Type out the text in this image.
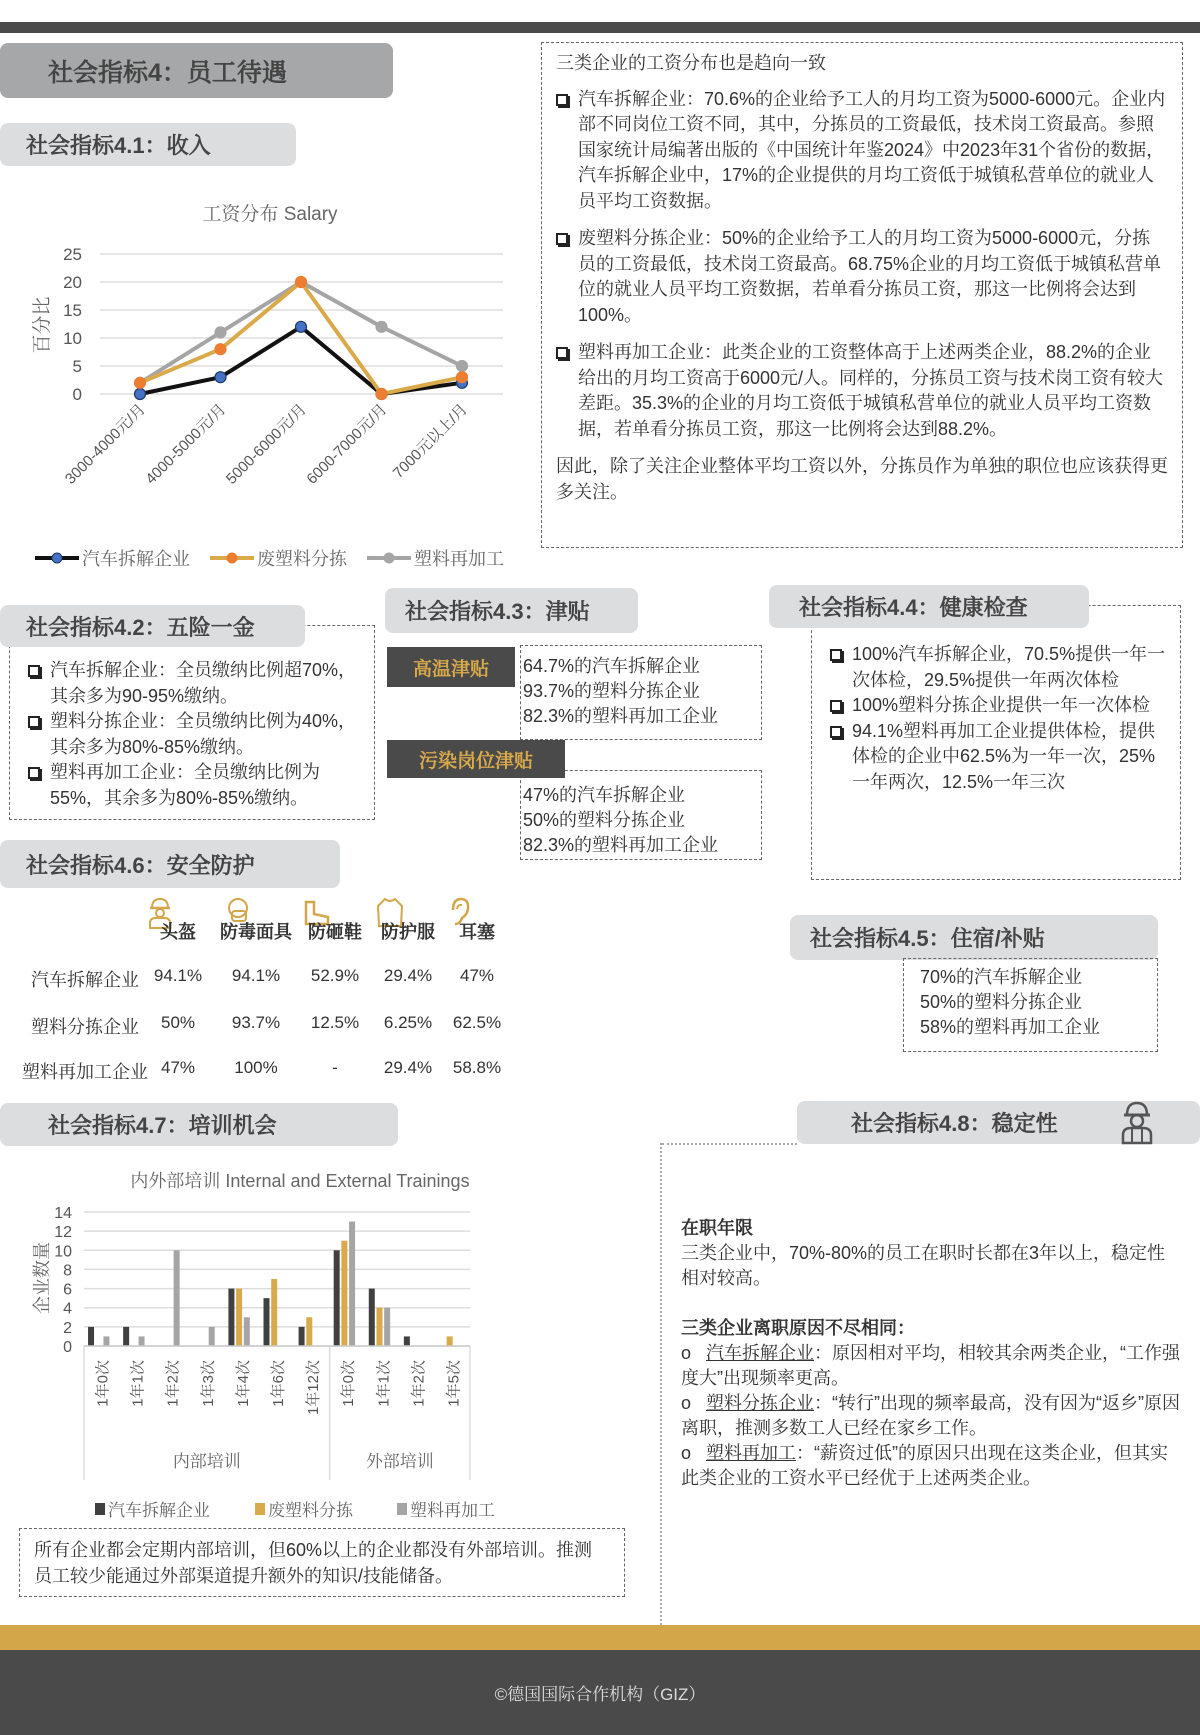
社会指标4：员工待遇
社会指标4.1：收入
工资分布 Salary
百分比
0
5
10
15
20
25
3000-4000元/月
4000-5000元/月
5000-6000元/月
6000-7000元/月 7000元以上/月
汽车拆解企业	废塑料分拣	塑料再加工
三类企业的工资分布也是趋向一致
汽车拆解企业：70.6%的企业给予工人的月均工资为5000-6000元。企业内部不同岗位工资不同，其中，分拣员的工资最低，技术岗工资最高。参照国家统计局编著出版的《中国统计年鉴2024》中2023年31个省份的数据，汽车拆解企业中，17%的企业提供的月均工资低于城镇私营单位的就业人员平均工资数据。
废塑料分拣企业：50%的企业给予工人的月均工资为5000-6000元，分拣员的工资最低，技术岗工资最高。68.75%企业的月均工资低于城镇私营单位的就业人员平均工资数据，若单看分拣员工资，那这一比例将会达到100%。
塑料再加工企业：此类企业的工资整体高于上述两类企业，88.2%的企业给出的月均工资高于6000元/人。同样的，分拣员工资与技术岗工资有较大差距。35.3%的企业的月均工资低于城镇私营单位的就业人员平均工资数据，若单看分拣员工资，那这一比例将会达到88.2%。
因此，除了关注企业整体平均工资以外，分拣员作为单独的职位也应该获得更多关注。
汽车拆解企业：全员缴纳比例超70%，其余多为90-95%缴纳。
塑料分拣企业：全员缴纳比例为40%，其余多为80%-85%缴纳。
塑料再加工企业：全员缴纳比例为55%，其余多为80%-85%缴纳。
社会指标4.2：五险一金
社会指标4.3：津贴
64.7%的汽车拆解企业
93.7%的塑料分拣企业
82.3%的塑料再加工企业
高温津贴
47%的汽车拆解企业
50%的塑料分拣企业
82.3%的塑料再加工企业
污染岗位津贴
100%汽车拆解企业，70.5%提供一年一次体检，29.5%提供一年两次体检
100%塑料分拣企业提供一年一次体检
94.1%塑料再加工企业提供体检，提供体检的企业中62.5%为一年一次，25%一年两次，12.5%一年三次
社会指标4.4：健康检查
社会指标4.5：住宿/补贴
70%的汽车拆解企业
50%的塑料分拣企业
58%的塑料再加工企业
社会指标4.6：安全防护
头盔	防毒面具 防砸鞋	防护服	耳塞
汽车拆解企业 94.1%	94.1%	52.9%	29.4%	47%
塑料分拣企业	50%	93.7%	12.5%	6.25%	62.5%
塑料再加工企业 47%	100%	-	29.4%	58.8%
社会指标4.7：培训机会
内外部培训 Internal and External Trainings
企业数量
0
2
4
6
8
10
12
14
1年0次 1年1次 1年2次 1年3次 1年4次 1年6次 1年12次
内部培训
1年0次 1年1次 1年2次 1年5次
外部培训
汽车拆解企业	废塑料分拣	塑料再加工
所有企业都会定期内部培训，但60%以上的企业都没有外部培训。推测员工较少能通过外部渠道提升额外的知识/技能储备。
社会指标4.8：稳定性
在职年限
三类企业中，70%-80%的员工在职时长都在3年以上，稳定性相对较高。
三类企业离职原因不尽相同：
o 汽车拆解企业：原因相对平均，相较其余两类企业，“工作强度大”出现频率更高。
o 塑料分拣企业：“转行”出现的频率最高，没有因为“返乡”原因离职，推测多数工人已经在家乡工作。
o 塑料再加工：“薪资过低”的原因只出现在这类企业，但其实此类企业的工资水平已经优于上述两类企业。
©德国国际合作机构（GIZ）
